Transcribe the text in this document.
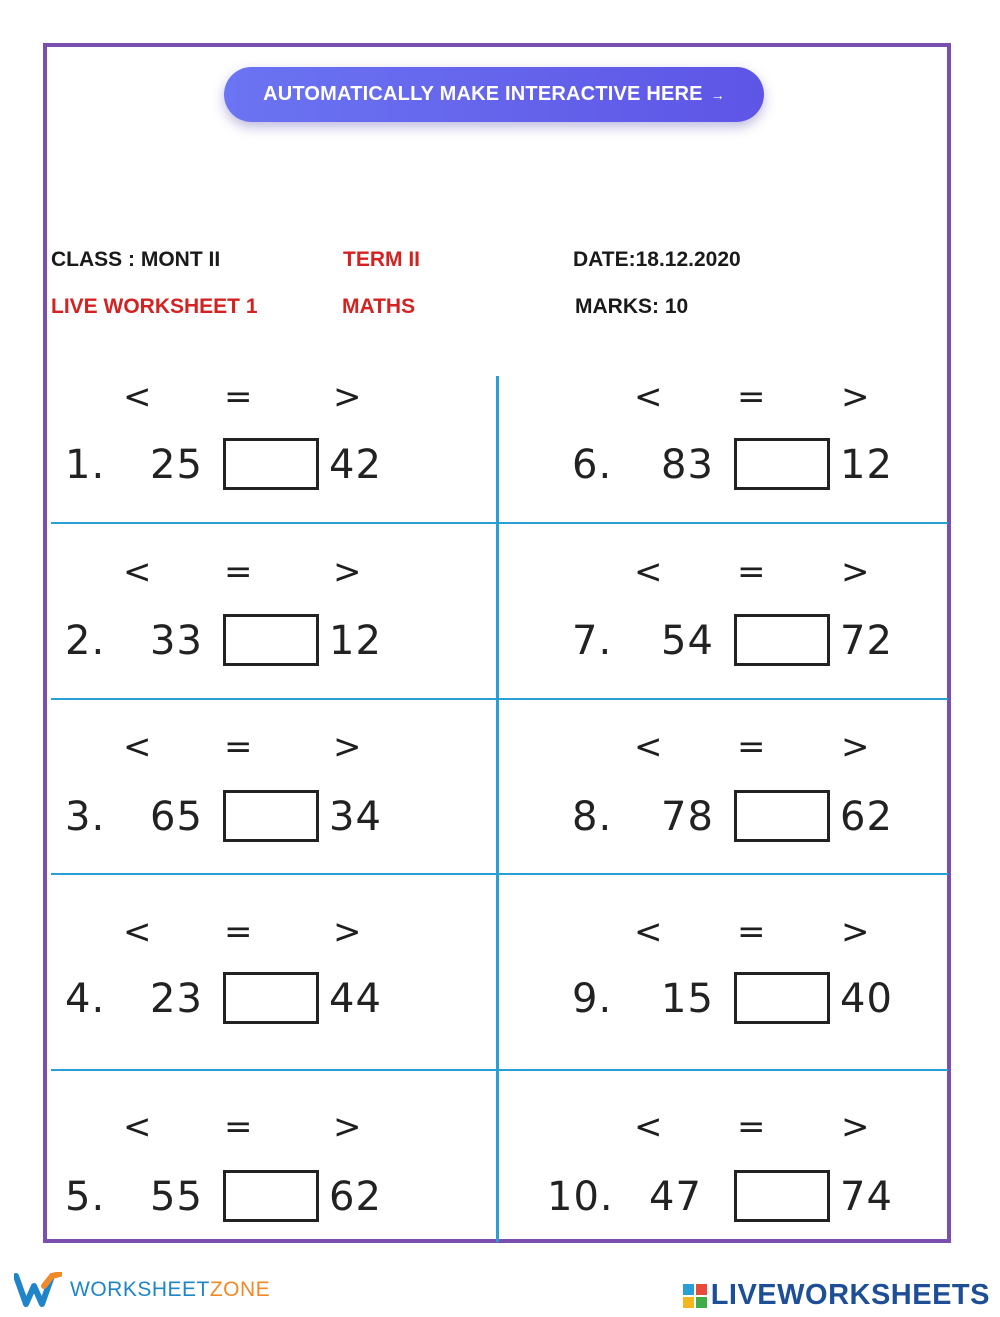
AUTOMATICALLY MAKE INTERACTIVE HERE →
CLASS : MONT II	TERM II	DATE:18.12.2020
LIVE WORKSHEET 1	MATHS	MARKS: 10
< = >
1. 25	42
< = >
2. 33	12
< = >
3. 65	34
< = >
4. 23	44
< = >
5. 55	62
< = >
6. 83	12
< = >
7. 54	72
< = >
8. 78	62
< = >
9. 15	40
< = >
10. 47	74
WORKSHEETZONE	LIVEWORKSHEETS
